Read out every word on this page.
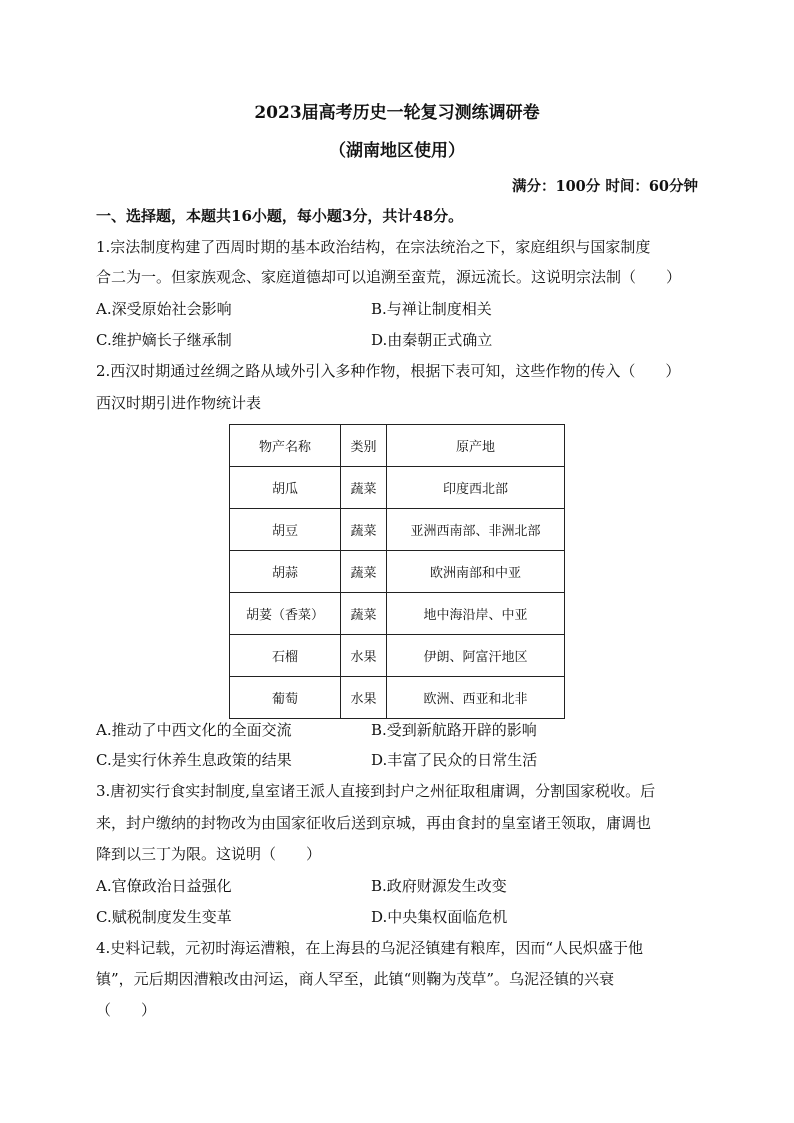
2023届高考历史一轮复习测练调研卷
（湖南地区使用）
满分：100分 时间：60分钟
一、选择题，本题共16小题，每小题3分，共计48分。
1.宗法制度构建了西周时期的基本政治结构，在宗法统治之下，家庭组织与国家制度
合二为一。但家族观念、家庭道德却可以追溯至蛮荒，源远流长。这说明宗法制（　　）
A.深受原始社会影响	B.与禅让制度相关
C.维护嫡长子继承制	D.由秦朝正式确立
2.西汉时期通过丝绸之路从域外引入多种作物，根据下表可知，这些作物的传入（　　）
西汉时期引进作物统计表
物产名称	类别	原产地
胡瓜	蔬菜	印度西北部
胡豆	蔬菜	亚洲西南部、非洲北部
胡蒜	蔬菜	欧洲南部和中亚
胡荽（香菜）	蔬菜	地中海沿岸、中亚
石榴	水果	伊朗、阿富汗地区
葡萄	水果	欧洲、西亚和北非
A.推动了中西文化的全面交流	B.受到新航路开辟的影响
C.是实行休养生息政策的结果	D.丰富了民众的日常生活
3.唐初实行食实封制度,皇室诸王派人直接到封户之州征取租庸调，分割国家税收。后
来，封户缴纳的封物改为由国家征收后送到京城，再由食封的皇室诸王领取，庸调也
降到以三丁为限。这说明（　　）
A.官僚政治日益强化	B.政府财源发生改变
C.赋税制度发生变革	D.中央集权面临危机
4.史料记载，元初时海运漕粮，在上海县的乌泥泾镇建有粮库，因而“人民炽盛于他
镇”，元后期因漕粮改由河运，商人罕至，此镇“则鞠为茂草”。乌泥泾镇的兴衰
（　　）
